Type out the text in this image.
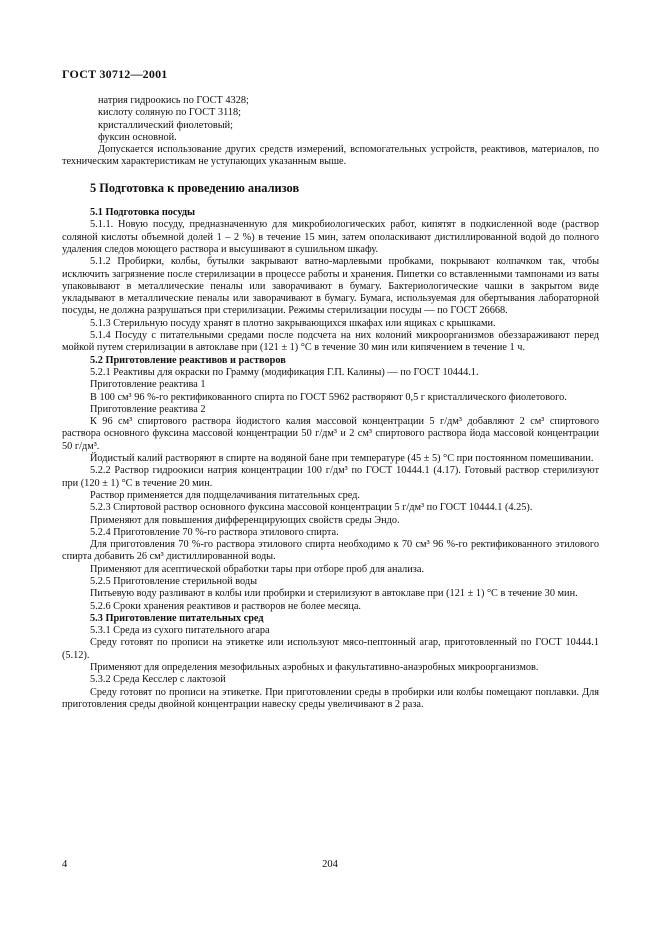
ГОСТ 30712—2001

натрия гидроокись по ГОСТ 4328;

кислоту соляную по ГОСТ 3118;

кристаллический фиолетовый;

фуксин основной.

Допускается использование других средств измерений, вспомогательных устройств, реактивов, материалов, по техническим характеристикам не уступающих указанным выше.

5 Подготовка к проведению анализов

5.1 Подготовка посуды

5.1.1. Новую посуду, предназначенную для микробиологических работ, кипятят в подкисленной воде (раствор соляной кислоты объемной долей 1 – 2 %) в течение 15 мин, затем ополаскивают дистиллированной водой до полного удаления следов моющего раствора и высушивают в сушильном шкафу.

5.1.2 Пробирки, колбы, бутылки закрывают ватно-марлевыми пробками, покрывают колпачком так, чтобы исключить загрязнение после стерилизации в процессе работы и хранения. Пипетки со вставленными тампонами из ваты упаковывают в металлические пеналы или заворачивают в бумагу. Бактериологические чашки в закрытом виде укладывают в металлические пеналы или заворачивают в бумагу. Бумага, используемая для обертывания лабораторной посуды, не должна разрушаться при стерилизации. Режимы стерилизации посуды — по ГОСТ 26668.

5.1.3 Стерильную посуду хранят в плотно закрывающихся шкафах или ящиках с крышками.

5.1.4 Посуду с питательными средами после подсчета на них колоний микроорганизмов обеззараживают перед мойкой путем стерилизации в автоклаве при (121 ± 1) °С в течение 30 мин или кипячением в течение 1 ч.

5.2 Приготовление реактивов и растворов

5.2.1 Реактивы для окраски по Грамму (модификация Г.П. Калины) — по ГОСТ 10444.1.

Приготовление реактива 1

В 100 см³ 96 %-го ректификованного спирта по ГОСТ 5962 растворяют 0,5 г кристаллического фиолетового.

Приготовление реактива 2

К 96 см³ спиртового раствора йодистого калия массовой концентрации 5 г/дм³ добавляют 2 см³ спиртового раствора основного фуксина массовой концентрации 50 г/дм³ и 2 см³ спиртового раствора йода массовой концентрации 50 г/дм³.

Йодистый калий растворяют в спирте на водяной бане при температуре (45 ± 5) °С при постоянном помешивании.

5.2.2 Раствор гидроокиси натрия концентрации 100 г/дм³ по ГОСТ 10444.1 (4.17). Готовый раствор стерилизуют при (120 ± 1) °С в течение 20 мин.

Раствор применяется для подщелачивания питательных сред.

5.2.3 Спиртовой раствор основного фуксина массовой концентрации 5 г/дм³ по ГОСТ 10444.1 (4.25).

Применяют для повышения дифференцирующих свойств среды Эндо.

5.2.4 Приготовление 70 %-го раствора этилового спирта.

Для приготовления 70 %-го раствора этилового спирта необходимо к 70 см³ 96 %-го ректификованного этилового спирта добавить 26 см³ дистиллированной воды.

Применяют для асептической обработки тары при отборе проб для анализа.

5.2.5 Приготовление стерильной воды

Питьевую воду разливают в колбы или пробирки и стерилизуют в автоклаве при (121 ± 1) °С в течение 30 мин.

5.2.6 Сроки хранения реактивов и растворов не более месяца.

5.3 Приготовление питательных сред

5.3.1 Среда из сухого питательного агара

Среду готовят по прописи на этикетке или используют мясо-пептонный агар, приготовленный по ГОСТ 10444.1 (5.12).

Применяют для определения мезофильных аэробных и факультативно-анаэробных микроорганизмов.

5.3.2 Среда Кесслер с лактозой

Среду готовят по прописи на этикетке. При приготовлении среды в пробирки или колбы помещают поплавки. Для приготовления среды двойной концентрации навеску среды увеличивают в 2 раза.

4	204
